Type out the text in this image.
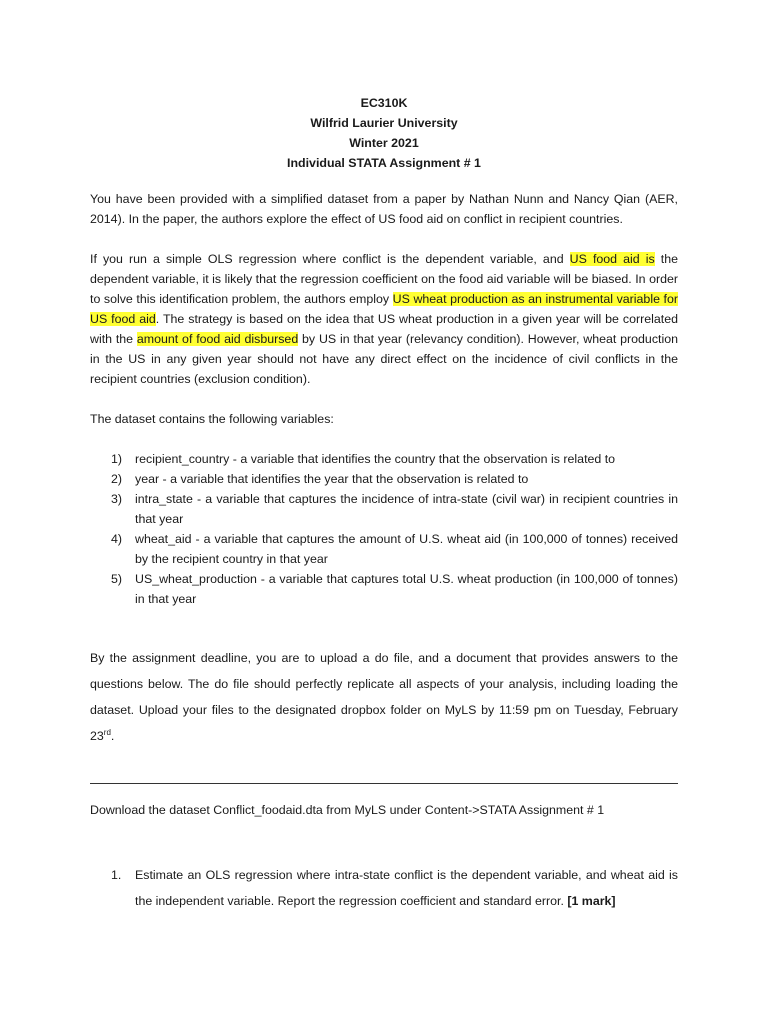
EC310K
Wilfrid Laurier University
Winter 2021
Individual STATA Assignment # 1

You have been provided with a simplified dataset from a paper by Nathan Nunn and Nancy Qian (AER, 2014). In the paper, the authors explore the effect of US food aid on conflict in recipient countries.

If you run a simple OLS regression where conflict is the dependent variable, and US food aid is the dependent variable, it is likely that the regression coefficient on the food aid variable will be biased. In order to solve this identification problem, the authors employ US wheat production as an instrumental variable for US food aid. The strategy is based on the idea that US wheat production in a given year will be correlated with the amount of food aid disbursed by US in that year (relevancy condition). However, wheat production in the US in any given year should not have any direct effect on the incidence of civil conflicts in the recipient countries (exclusion condition).

The dataset contains the following variables:

1) recipient_country - a variable that identifies the country that the observation is related to
2) year - a variable that identifies the year that the observation is related to
3) intra_state - a variable that captures the incidence of intra-state (civil war) in recipient countries in that year
4) wheat_aid - a variable that captures the amount of U.S. wheat aid (in 100,000 of tonnes) received by the recipient country in that year
5) US_wheat_production - a variable that captures total U.S. wheat production (in 100,000 of tonnes) in that year

By the assignment deadline, you are to upload a do file, and a document that provides answers to the questions below. The do file should perfectly replicate all aspects of your analysis, including loading the dataset. Upload your files to the designated dropbox folder on MyLS by 11:59 pm on Tuesday, February 23rd.

Download the dataset Conflict_foodaid.dta from MyLS under Content->STATA Assignment # 1

1. Estimate an OLS regression where intra-state conflict is the dependent variable, and wheat aid is the independent variable. Report the regression coefficient and standard error. [1 mark]
